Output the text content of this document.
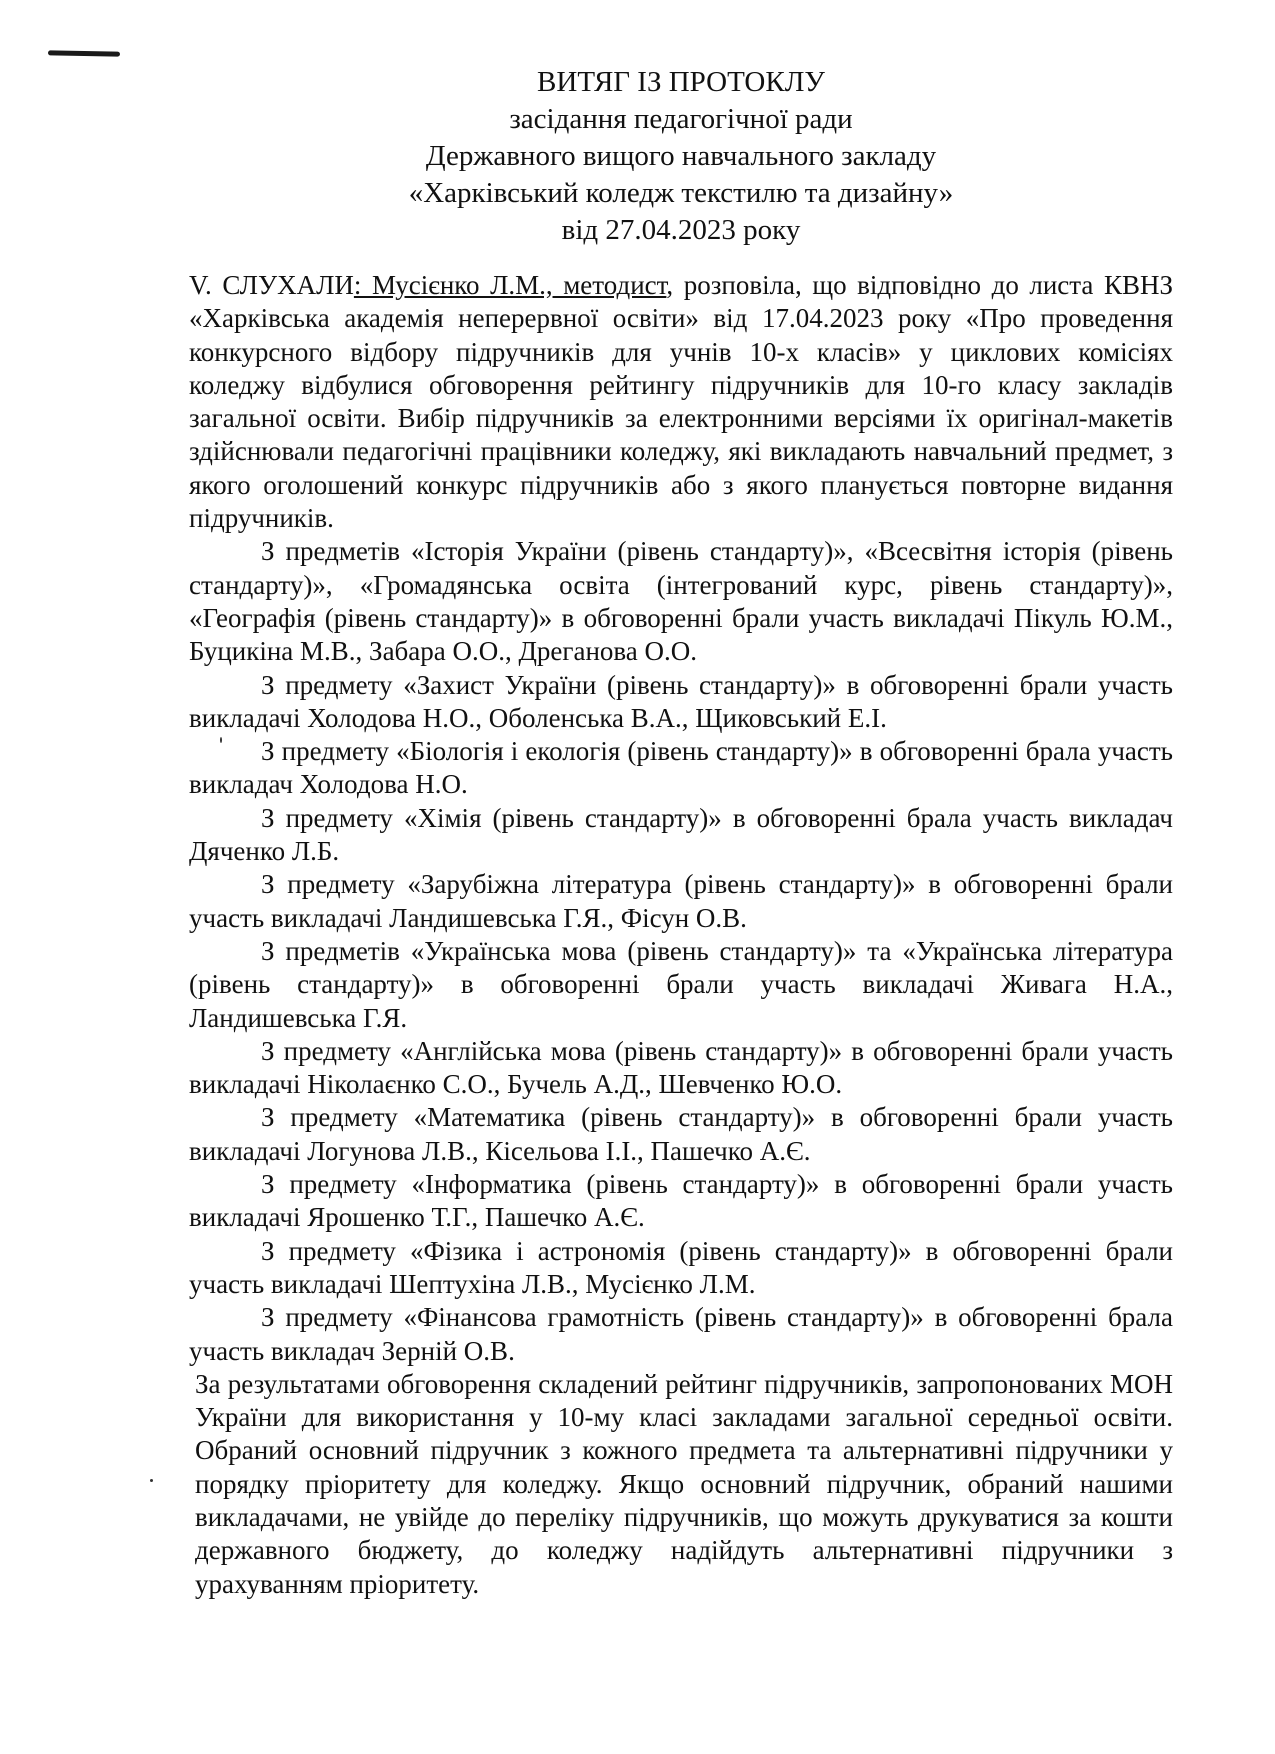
ВИТЯГ ІЗ ПРОТОКЛУ
засідання педагогічної ради
Державного вищого навчального закладу
«Харківський коледж текстилю та дизайну»
від 27.04.2023 року

V. СЛУХАЛИ: Мусієнко Л.М., методист, розповіла, що відповідно до листа КВНЗ «Харківська академія неперервної освіти» від 17.04.2023 року «Про проведення конкурсного відбору підручників для учнів 10-х класів» у циклових комісіях коледжу відбулися обговорення рейтингу підручників для 10-го класу закладів загальної освіти. Вибір підручників за електронними версіями їх оригінал-макетів здійснювали педагогічні працівники коледжу, які викладають навчальний предмет, з якого оголошений конкурс підручників або з якого планується повторне видання підручників.

З предметів «Історія України (рівень стандарту)», «Всесвітня історія (рівень стандарту)», «Громадянська освіта (інтегрований курс, рівень стандарту)», «Географія (рівень стандарту)» в обговоренні брали участь викладачі Пікуль Ю.М., Буцикіна М.В., Забара О.О., Дреганова О.О.

З предмету «Захист України (рівень стандарту)» в обговоренні брали участь викладачі Холодова Н.О., Оболенська В.А., Щиковський Е.І.

З предмету «Біологія і екологія (рівень стандарту)» в обговоренні брала участь викладач Холодова Н.О.

З предмету «Хімія (рівень стандарту)» в обговоренні брала участь викладач Дяченко Л.Б.

З предмету «Зарубіжна література (рівень стандарту)» в обговоренні брали участь викладачі Ландишевська Г.Я., Фісун О.В.

З предметів «Українська мова (рівень стандарту)» та «Українська література (рівень стандарту)» в обговоренні брали участь викладачі Живага Н.А., Ландишевська Г.Я.

З предмету «Англійська мова (рівень стандарту)» в обговоренні брали участь викладачі Ніколаєнко С.О., Бучель А.Д., Шевченко Ю.О.

З предмету «Математика (рівень стандарту)» в обговоренні брали участь викладачі Логунова Л.В., Кісельова І.І., Пашечко А.Є.

З предмету «Інформатика (рівень стандарту)» в обговоренні брали участь викладачі Ярошенко Т.Г., Пашечко А.Є.

З предмету «Фізика і астрономія (рівень стандарту)» в обговоренні брали участь викладачі Шептухіна Л.В., Мусієнко Л.М.

З предмету «Фінансова грамотність (рівень стандарту)» в обговоренні брала участь викладач Зерній О.В.

За результатами обговорення складений рейтинг підручників, запропонованих МОН України для використання у 10-му класі закладами загальної середньої освіти. Обраний основний підручник з кожного предмета та альтернативні підручники у порядку пріоритету для коледжу. Якщо основний підручник, обраний нашими викладачами, не увійде до переліку підручників, що можуть друкуватися за кошти державного бюджету, до коледжу надійдуть альтернативні підручники з урахуванням пріоритету.
